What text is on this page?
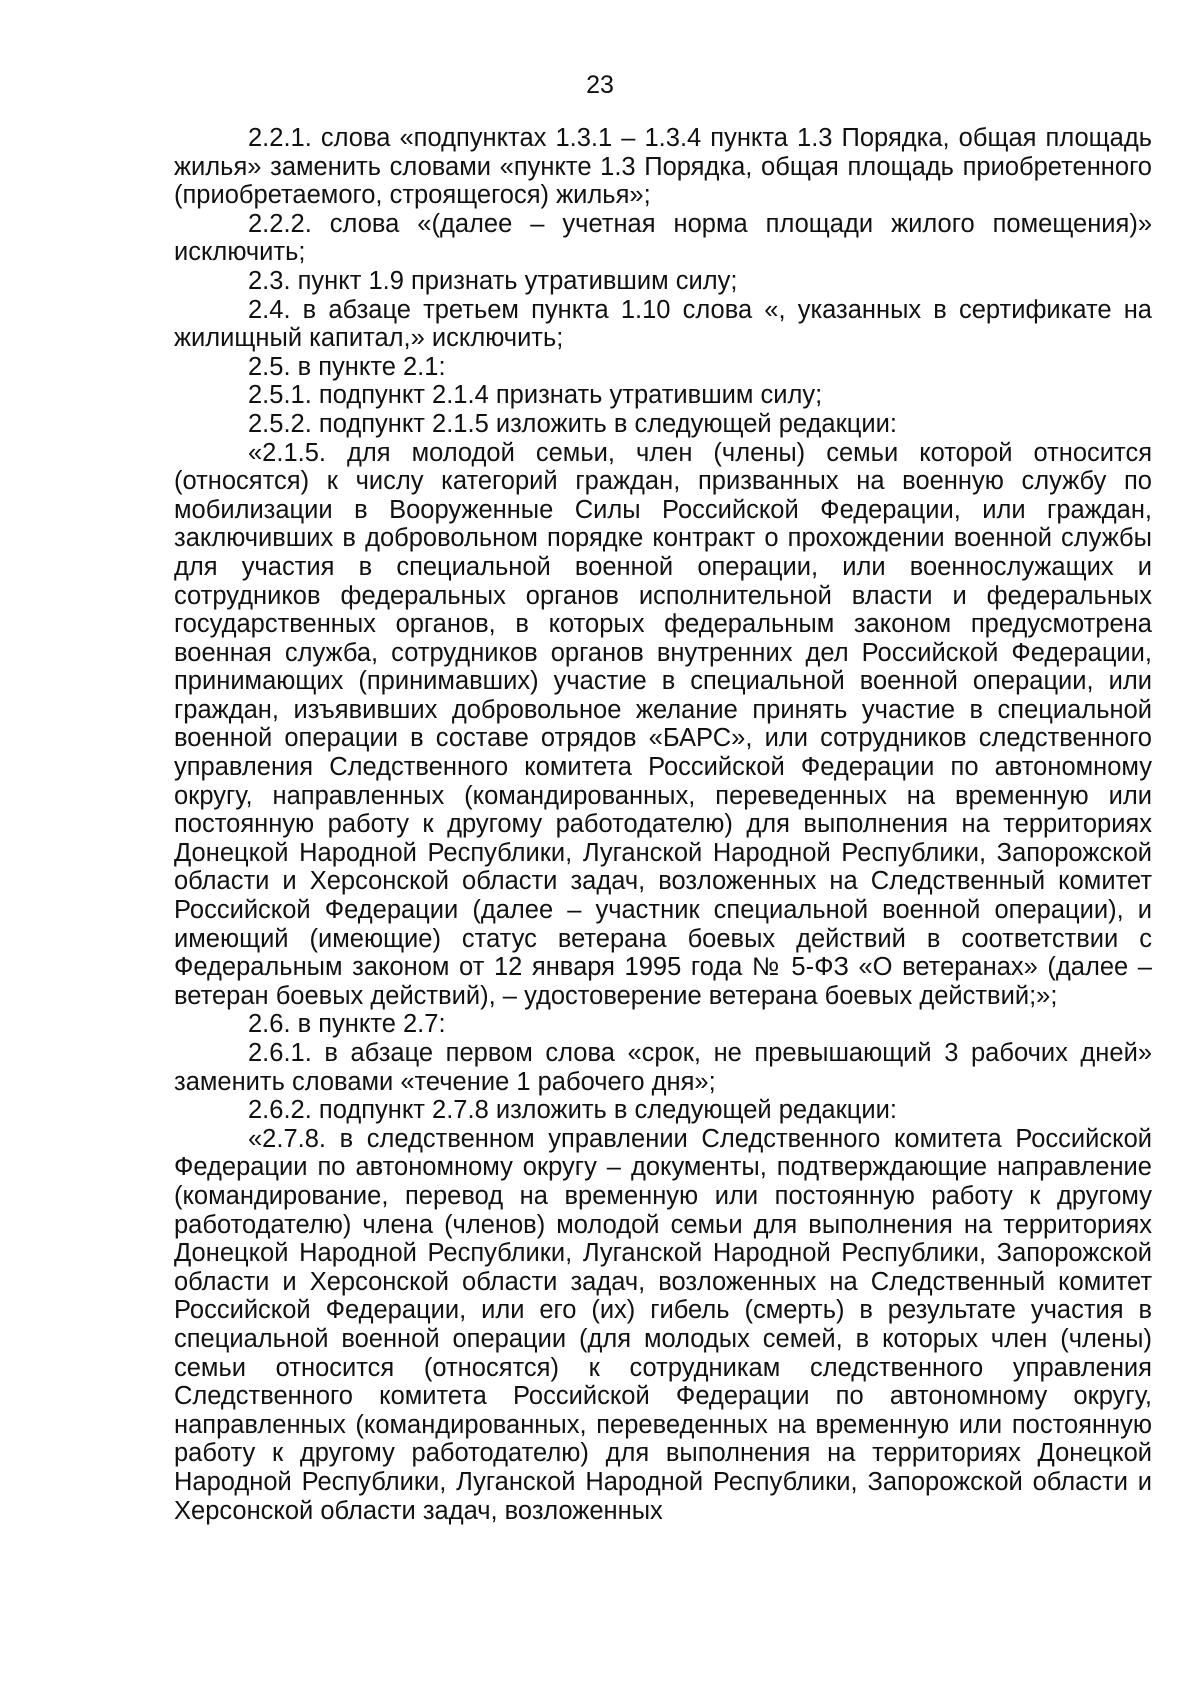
23

2.2.1. слова «подпунктах 1.3.1 – 1.3.4 пункта 1.3 Порядка, общая площадь жилья» заменить словами «пункте 1.3 Порядка, общая площадь приобретенного (приобретаемого, строящегося) жилья»;

2.2.2. слова «(далее – учетная норма площади жилого помещения)» исключить;

2.3. пункт 1.9 признать утратившим силу;

2.4. в абзаце третьем пункта 1.10 слова «, указанных в сертификате на жилищный капитал,» исключить;

2.5. в пункте 2.1:

2.5.1. подпункт 2.1.4 признать утратившим силу;

2.5.2. подпункт 2.1.5 изложить в следующей редакции:

«2.1.5. для молодой семьи, член (члены) семьи которой относится (относятся) к числу категорий граждан, призванных на военную службу по мобилизации в Вооруженные Силы Российской Федерации, или граждан, заключивших в добровольном порядке контракт о прохождении военной службы для участия в специальной военной операции, или военнослужащих и сотрудников федеральных органов исполнительной власти и федеральных государственных органов, в которых федеральным законом предусмотрена военная служба, сотрудников органов внутренних дел Российской Федерации, принимающих (принимавших) участие в специальной военной операции, или граждан, изъявивших добровольное желание принять участие в специальной военной операции в составе отрядов «БАРС», или сотрудников следственного управления Следственного комитета Российской Федерации по автономному округу, направленных (командированных, переведенных на временную или постоянную работу к другому работодателю) для выполнения на территориях Донецкой Народной Республики, Луганской Народной Республики, Запорожской области и Херсонской области задач, возложенных на Следственный комитет Российской Федерации (далее – участник специальной военной операции), и имеющий (имеющие) статус ветерана боевых действий в соответствии с Федеральным законом от 12 января 1995 года № 5-ФЗ «О ветеранах» (далее – ветеран боевых действий), – удостоверение ветерана боевых действий;»;

2.6. в пункте 2.7:

2.6.1. в абзаце первом слова «срок, не превышающий 3 рабочих дней» заменить словами «течение 1 рабочего дня»;

2.6.2. подпункт 2.7.8 изложить в следующей редакции:

«2.7.8. в следственном управлении Следственного комитета Российской Федерации по автономному округу – документы, подтверждающие направление (командирование, перевод на временную или постоянную работу к другому работодателю) члена (членов) молодой семьи для выполнения на территориях Донецкой Народной Республики, Луганской Народной Республики, Запорожской области и Херсонской области задач, возложенных на Следственный комитет Российской Федерации, или его (их) гибель (смерть) в результате участия в специальной военной операции (для молодых семей, в которых член (члены) семьи относится (относятся) к сотрудникам следственного управления Следственного комитета Российской Федерации по автономному округу, направленных (командированных, переведенных на временную или постоянную работу к другому работодателю) для выполнения на территориях Донецкой Народной Республики, Луганской Народной Республики, Запорожской области и Херсонской области задач, возложенных
